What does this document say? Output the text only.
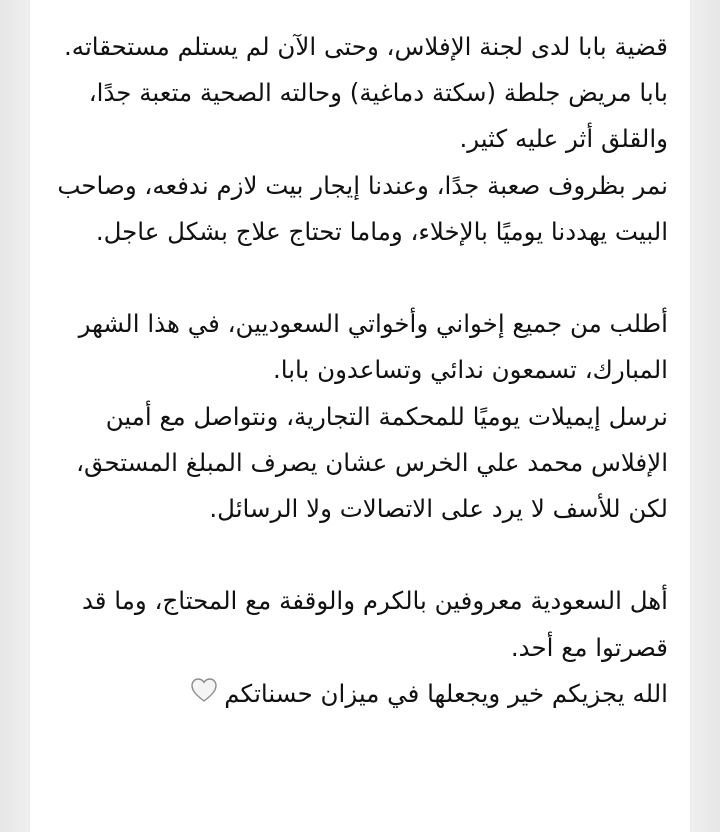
قضية بابا لدى لجنة الإفلاس، وحتى الآن لم يستلم مستحقاته.

بابا مريض جلطة (سكتة دماغية) وحالته الصحية متعبة جدًا، والقلق أثر عليه كثير.

نمر بظروف صعبة جدًا، وعندنا إيجار بيت لازم ندفعه، وصاحب البيت يهددنا يوميًا بالإخلاء، وماما تحتاج علاج بشكل عاجل.

أطلب من جميع إخواني وأخواتي السعوديين، في هذا الشهر المبارك، تسمعون ندائي وتساعدون بابا.

نرسل إيميلات يوميًا للمحكمة التجارية، ونتواصل مع أمين الإفلاس محمد علي الخرس عشان يصرف المبلغ المستحق، لكن للأسف لا يرد على الاتصالات ولا الرسائل.

أهل السعودية معروفين بالكرم والوقفة مع المحتاج، وما قد قصرتوا مع أحد.

الله يجزيكم خير ويجعلها في ميزان حسناتكم
